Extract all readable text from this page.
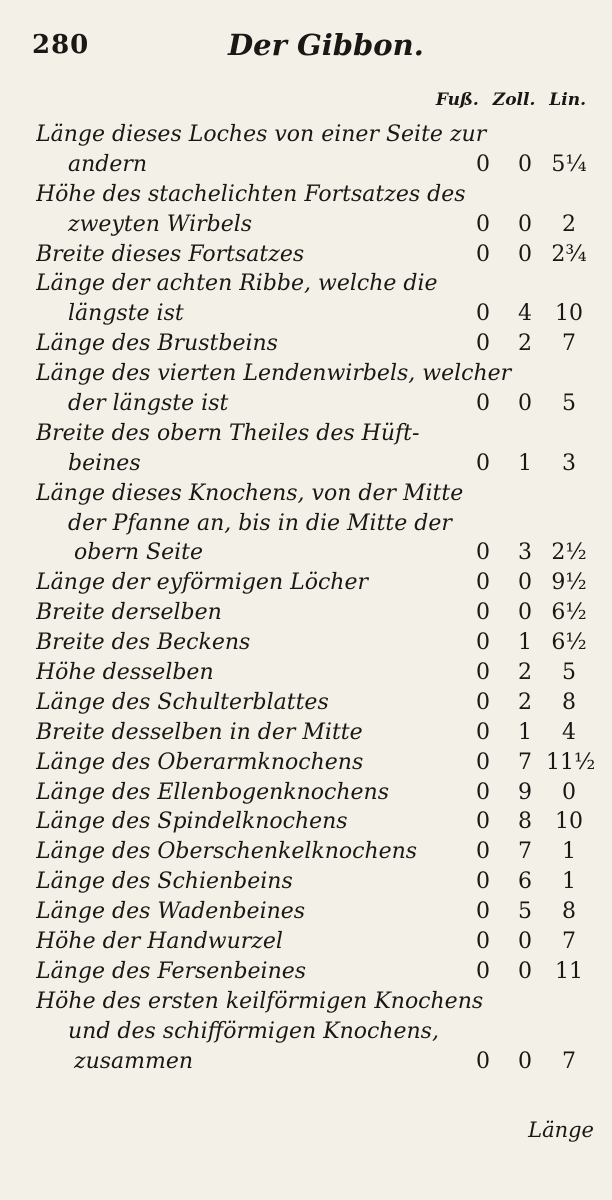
280	Der Gibbon.
Fuß. Zoll. Lin.
Länge dieses Loches von einer Seite zur
andern	0	0 5¼
Höhe des stachelichten Fortsatzes des
zweyten Wirbels	0	0	2
Breite dieses Fortsatzes	0	0 2¾
Länge der achten Ribbe, welche die
längste ist	0	4	10
Länge des Brustbeins	0	2	7
Länge des vierten Lendenwirbels, welcher
der längste ist	0	0	5
Breite des obern Theiles des Hüft-
beines	0	1	3
Länge dieses Knochens, von der Mitte
der Pfanne an, bis in die Mitte der
obern Seite	0	3 2½
Länge der eyförmigen Löcher	0	0 9½
Breite derselben	0	0 6½
Breite des Beckens	0	1 6½
Höhe desselben	0	2	5
Länge des Schulterblattes	0	2	8
Breite desselben in der Mitte	0	1	4
Länge des Oberarmknochens	0	7 11½
Länge des Ellenbogenknochens	0	9	0
Länge des Spindelknochens	0	8	10
Länge des Oberschenkelknochens	0	7	1
Länge des Schienbeins	0	6	1
Länge des Wadenbeines	0	5	8
Höhe der Handwurzel	0	0	7
Länge des Fersenbeines	0	0	11
Höhe des ersten keilförmigen Knochens
und des schifförmigen Knochens,
zusammen	0	0	7
Länge
